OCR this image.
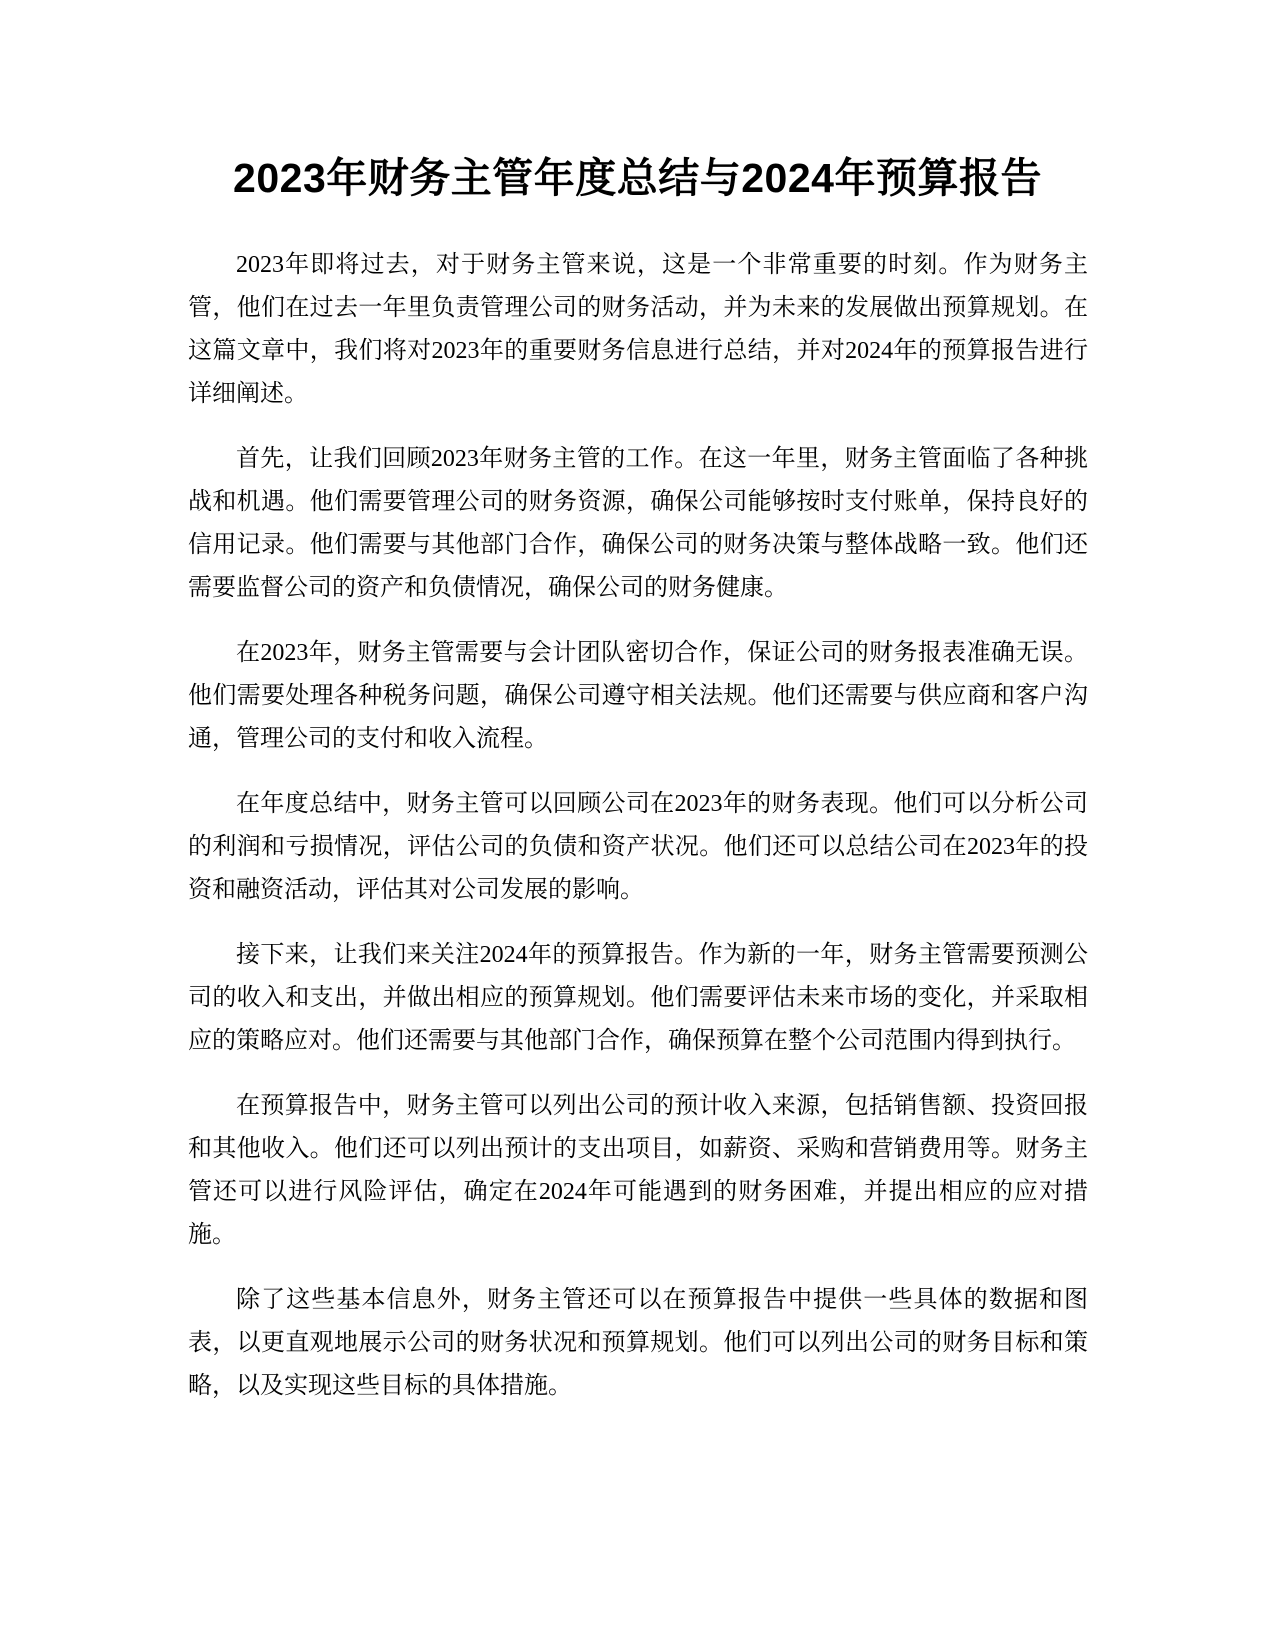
2023年财务主管年度总结与2024年预算报告

2023年即将过去，对于财务主管来说，这是一个非常重要的时刻。作为财务主管，他们在过去一年里负责管理公司的财务活动，并为未来的发展做出预算规划。在这篇文章中，我们将对2023年的重要财务信息进行总结，并对2024年的预算报告进行详细阐述。

首先，让我们回顾2023年财务主管的工作。在这一年里，财务主管面临了各种挑战和机遇。他们需要管理公司的财务资源，确保公司能够按时支付账单，保持良好的信用记录。他们需要与其他部门合作，确保公司的财务决策与整体战略一致。他们还需要监督公司的资产和负债情况，确保公司的财务健康。

在2023年，财务主管需要与会计团队密切合作，保证公司的财务报表准确无误。他们需要处理各种税务问题，确保公司遵守相关法规。他们还需要与供应商和客户沟通，管理公司的支付和收入流程。

在年度总结中，财务主管可以回顾公司在2023年的财务表现。他们可以分析公司的利润和亏损情况，评估公司的负债和资产状况。他们还可以总结公司在2023年的投资和融资活动，评估其对公司发展的影响。

接下来，让我们来关注2024年的预算报告。作为新的一年，财务主管需要预测公司的收入和支出，并做出相应的预算规划。他们需要评估未来市场的变化，并采取相应的策略应对。他们还需要与其他部门合作，确保预算在整个公司范围内得到执行。

在预算报告中，财务主管可以列出公司的预计收入来源，包括销售额、投资回报和其他收入。他们还可以列出预计的支出项目，如薪资、采购和营销费用等。财务主管还可以进行风险评估，确定在2024年可能遇到的财务困难，并提出相应的应对措施。

除了这些基本信息外，财务主管还可以在预算报告中提供一些具体的数据和图表，以更直观地展示公司的财务状况和预算规划。他们可以列出公司的财务目标和策略，以及实现这些目标的具体措施。
